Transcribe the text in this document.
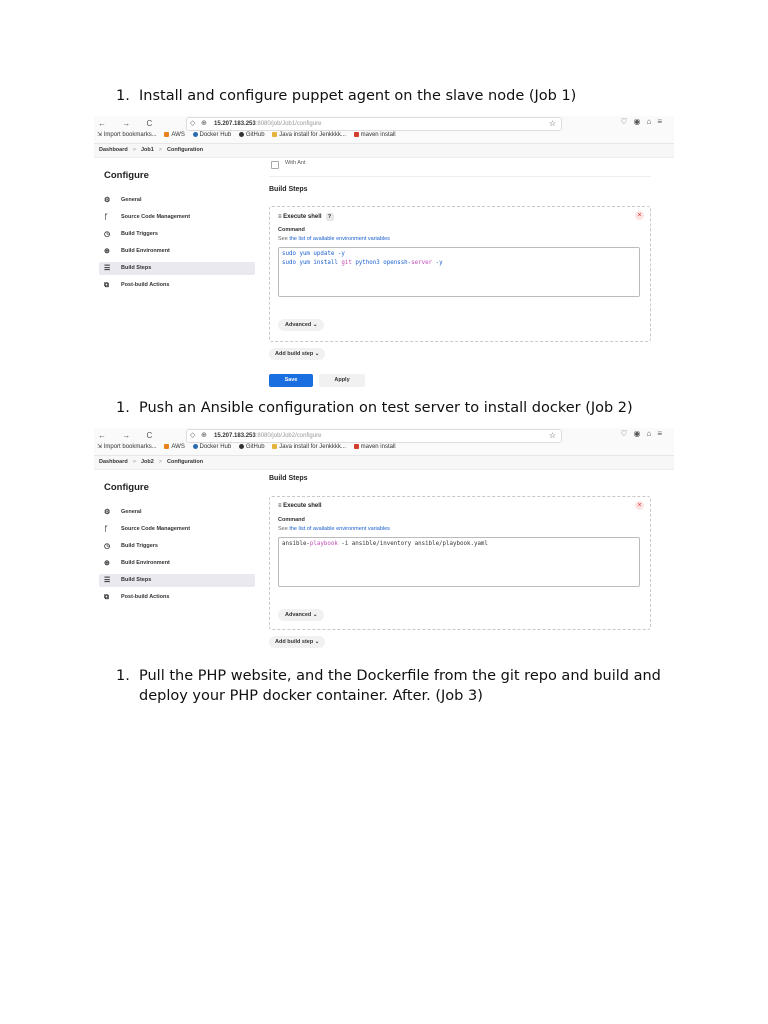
1. Install and configure puppet agent on the slave node (Job 1)
← → C	◇ ⊕ 15.207.183.253:8080/job/Job1/configure	☆	♡◉⌂≡
⇲ Import bookmarks... AWS Docker Hub GitHub Java install for Jenkkkk... maven install
Dashboard > Job1 > Configuration
Configure
⚙ General
ᚴ Source Code Management
◷ Build Triggers
⊕ Build Environment
☰ Build Steps
⧉ Post-build Actions
With Ant
Build Steps
≡ Execute shell ?	×
Command
See the list of available environment variables
sudo yum update -y
sudo yum install git python3 openssh-server -y
Advanced ⌄
Add build step ⌄
Save	Apply
1. Push an Ansible configuration on test server to install docker (Job 2)
← → C	◇ ⊕ 15.207.183.253:8080/job/Job2/configure	☆	♡◉⌂≡
⇲ Import bookmarks... AWS Docker Hub GitHub Java install for Jenkkkk... maven install
Dashboard > Job2 > Configuration
Configure
⚙ General
ᚴ Source Code Management
◷ Build Triggers
⊕ Build Environment
☰ Build Steps
⧉ Post-build Actions
Build Steps
≡ Execute shell	×
Command
See the list of available environment variables
ansible-playbook -i ansible/inventory ansible/playbook.yaml
Advanced ⌄
Add build step ⌄
1. Pull the PHP website, and the Dockerfile from the git repo and build and deploy your PHP docker container. After. (Job 3)
